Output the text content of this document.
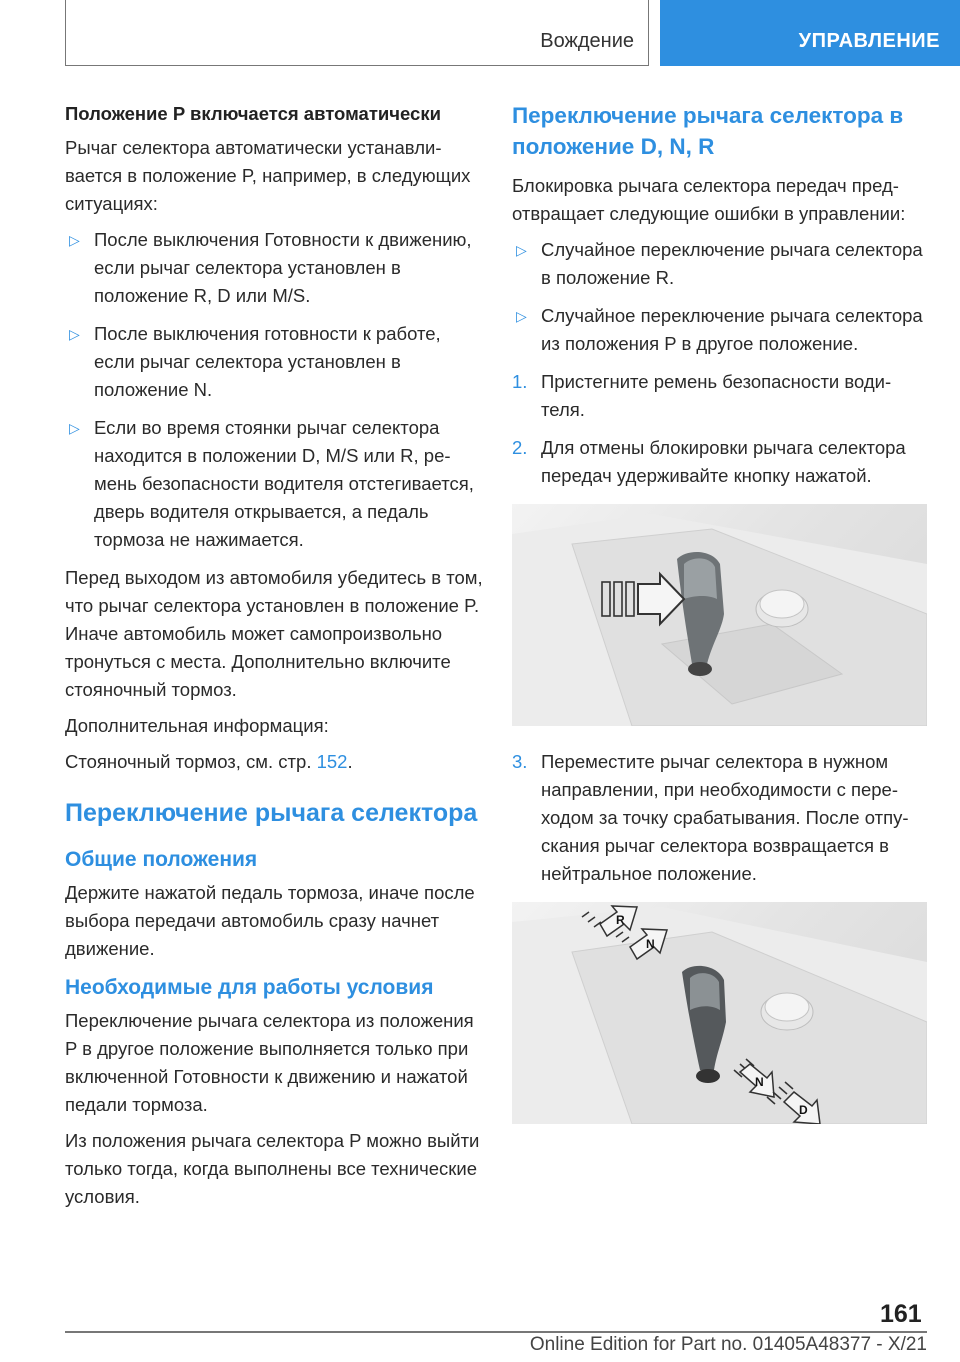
Вождение	УПРАВЛЕНИЕ
Положение P включается автоматически

Рычаг селектора автоматически устанавливается в положение P, например, в следующих ситуациях:

▷ После выключения Готовности к движению, если рычаг селектора установлен в положение R, D или M/S.
▷ После выключения готовности к работе, если рычаг селектора установлен в положение N.
▷ Если во время стоянки рычаг селектора находится в положении D, M/S или R, ремень безопасности водителя отстегивается, дверь водителя открывается, а педаль тормоза не нажимается.

Перед выходом из автомобиля убедитесь в том, что рычаг селектора установлен в положение P. Иначе автомобиль может самопроизвольно тронуться с места. Дополнительно включите стояночный тормоз.

Дополнительная информация:

Стояночный тормоз, см. стр. 152.

Переключение рычага селектора
Общие положения

Держите нажатой педаль тормоза, иначе после выбора передачи автомобиль сразу начнет движение.

Необходимые для работы условия

Переключение рычага селектора из положения P в другое положение выполняется только при включенной Готовности к движению и нажатой педали тормоза.

Из положения рычага селектора P можно выйти только тогда, когда выполнены все технические условия.

Переключение рычага селектора в положение D, N, R

Блокировка рычага селектора передач предотвращает следующие ошибки в управлении:

▷ Случайное переключение рычага селектора в положение R.
▷ Случайное переключение рычага селектора из положения P в другое положение.
1. Пристегните ремень безопасности водителя.
2. Для отмены блокировки рычага селектора передач удерживайте кнопку нажатой.
3. Переместите рычаг селектора в нужном направлении, при необходимости с переходом за точку срабатывания. После отпускания рычаг селектора возвращается в нейтральное положение.
R
N
N
D
161
Online Edition for Part no. 01405A48377 - X/21
